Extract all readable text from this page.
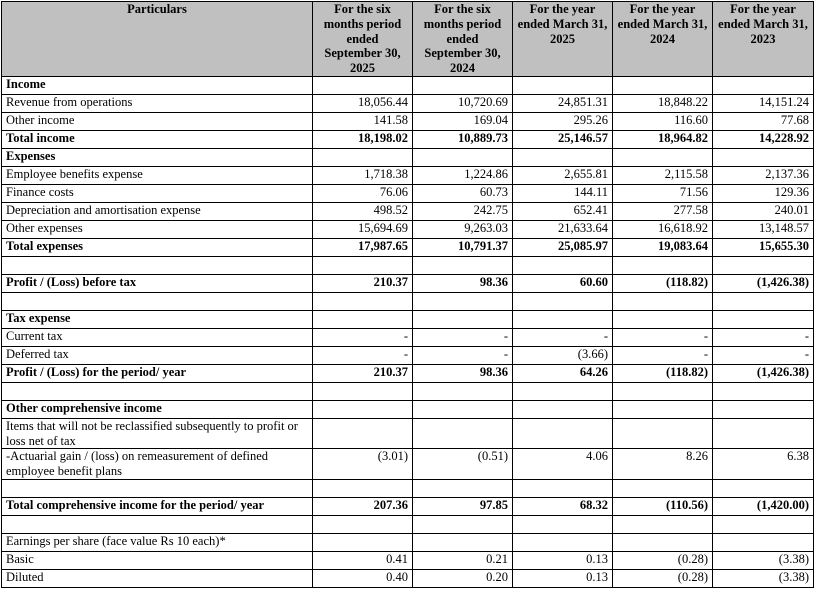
Particulars	For the six months period ended September 30, 2025	For the six months period ended September 30, 2024	For the year ended March 31, 2025	For the year ended March 31, 2024	For the year ended March 31, 2023
Income					
Revenue from operations	18,056.44	10,720.69	24,851.31	18,848.22	14,151.24
Other income	141.58	169.04	295.26	116.60	77.68
Total income	18,198.02	10,889.73	25,146.57	18,964.82	14,228.92
Expenses					
Employee benefits expense	1,718.38	1,224.86	2,655.81	2,115.58	2,137.36
Finance costs	76.06	60.73	144.11	71.56	129.36
Depreciation and amortisation expense	498.52	242.75	652.41	277.58	240.01
Other expenses	15,694.69	9,263.03	21,633.64	16,618.92	13,148.57
Total expenses	17,987.65	10,791.37	25,085.97	19,083.64	15,655.30

Profit / (Loss) before tax	210.37	98.36	60.60	(118.82)	(1,426.38)

Tax expense					
Current tax	-	-	-	-	-
Deferred tax	-	-	(3.66)	-	-
Profit / (Loss) for the period/ year	210.37	98.36	64.26	(118.82)	(1,426.38)

Other comprehensive income					
Items that will not be reclassified subsequently to profit or loss net of tax					
-Actuarial gain / (loss) on remeasurement of defined employee benefit plans	(3.01)	(0.51)	4.06	8.26	6.38

Total comprehensive income for the period/ year	207.36	97.85	68.32	(110.56)	(1,420.00)

Earnings per share (face value Rs 10 each)*					
Basic	0.41	0.21	0.13	(0.28)	(3.38)
Diluted	0.40	0.20	0.13	(0.28)	(3.38)
